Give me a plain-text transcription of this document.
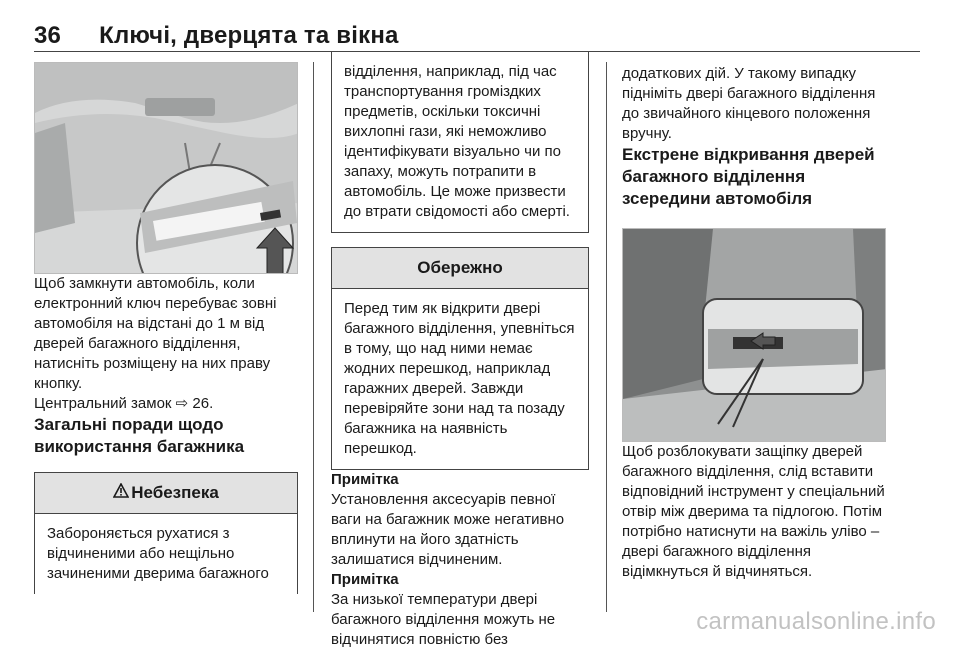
36 Ключі, дверцята та вікна

Щоб замкнути автомобіль, коли електронний ключ перебуває зовні автомобіля на відстані до 1 м від дверей багажного відділення, натисніть розміщену на них праву кнопку.

Центральний замок ⇨ 26.

Загальні поради щодо використання багажника
Небезпека
Забороняється рухатися з відчиненими або нещільно зачиненими дверима багажного
відділення, наприклад, під час транспортування громіздких предметів, оскільки токсичні вихлопні гази, які неможливо ідентифікувати візуально чи по запаху, можуть потрапити в автомобіль. Це може призвести до втрати свідомості або смерті.
Обережно
Перед тим як відкрити двері багажного відділення, упевніться в тому, що над ними немає жодних перешкод, наприклад гаражних дверей. Завжди перевіряйте зони над та позаду багажника на наявність перешкод.

Примітка

Установлення аксесуарів певної ваги на багажник може негативно вплинути на його здатність залишатися відчиненим.

Примітка

За низької температури двері багажного відділення можуть не відчинятися повністю без

додаткових дій. У такому випадку підніміть двері багажного відділення до звичайного кінцевого положення вручну.

Екстрене відкривання дверей багажного відділення зсередини автомобіля

Щоб розблокувати защіпку дверей багажного відділення, слід вставити відповідний інструмент у спеціальний отвір між дверима та підлогою. Потім потрібно натиснути на важіль уліво – двері багажного відділення відімкнуться й відчиняться.

carmanualsonline.info
